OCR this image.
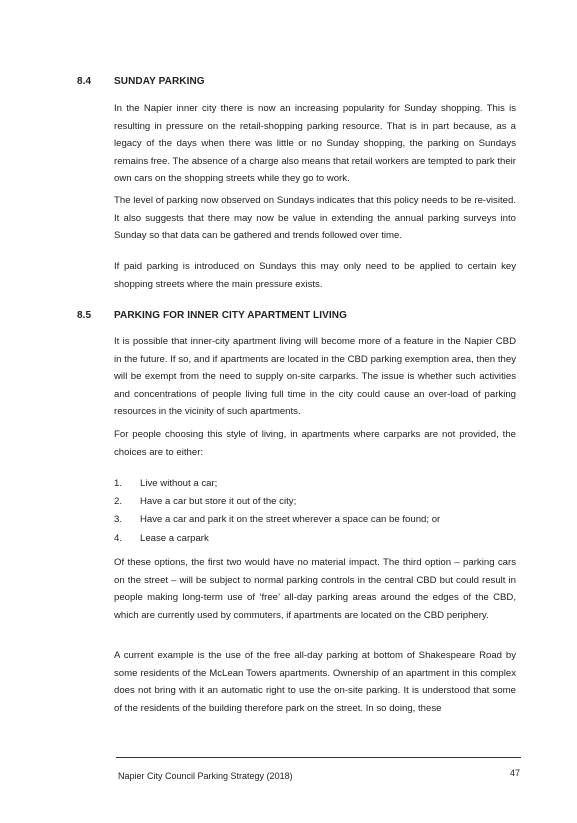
8.4 SUNDAY PARKING

In the Napier inner city there is now an increasing popularity for Sunday shopping. This is resulting in pressure on the retail-shopping parking resource. That is in part because, as a legacy of the days when there was little or no Sunday shopping, the parking on Sundays remains free. The absence of a charge also means that retail workers are tempted to park their own cars on the shopping streets while they go to work.

The level of parking now observed on Sundays indicates that this policy needs to be re-visited. It also suggests that there may now be value in extending the annual parking surveys into Sunday so that data can be gathered and trends followed over time.

If paid parking is introduced on Sundays this may only need to be applied to certain key shopping streets where the main pressure exists.

8.5 PARKING FOR INNER CITY APARTMENT LIVING

It is possible that inner-city apartment living will become more of a feature in the Napier CBD in the future. If so, and if apartments are located in the CBD parking exemption area, then they will be exempt from the need to supply on-site carparks. The issue is whether such activities and concentrations of people living full time in the city could cause an over-load of parking resources in the vicinity of such apartments.

For people choosing this style of living, in apartments where carparks are not provided, the choices are to either:

1. Live without a car;
2. Have a car but store it out of the city;
3. Have a car and park it on the street wherever a space can be found; or
4. Lease a carpark

Of these options, the first two would have no material impact. The third option – parking cars on the street – will be subject to normal parking controls in the central CBD but could result in people making long-term use of ‘free’ all-day parking areas around the edges of the CBD, which are currently used by commuters, if apartments are located on the CBD periphery.

A current example is the use of the free all-day parking at bottom of Shakespeare Road by some residents of the McLean Towers apartments. Ownership of an apartment in this complex does not bring with it an automatic right to use the on-site parking. It is understood that some of the residents of the building therefore park on the street. In so doing, these

Napier City Council Parking Strategy (2018)	47
